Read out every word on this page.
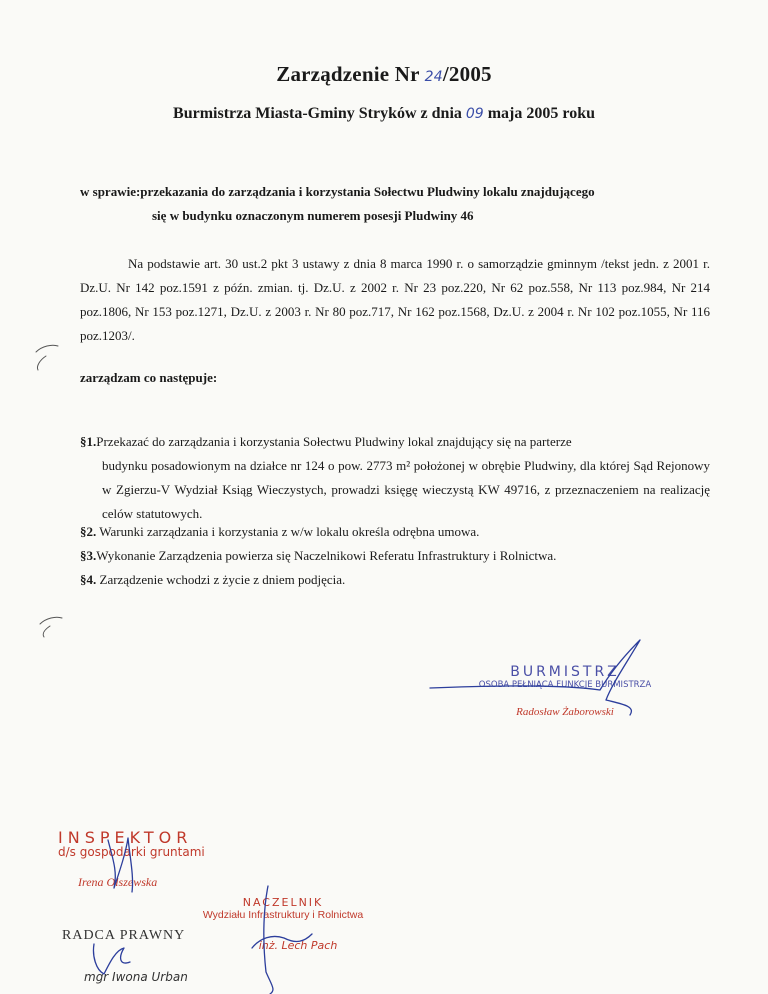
Zarządzenie Nr 24/2005
Burmistrza Miasta-Gminy Stryków z dnia 09 maja 2005 roku
w sprawie:przekazania do zarządzania i korzystania Sołectwu Pludwiny lokalu znajdującego
się w budynku oznaczonym numerem posesji Pludwiny 46
Na podstawie art. 30 ust.2 pkt 3 ustawy z dnia 8 marca 1990 r. o samorządzie gminnym /tekst jedn. z 2001 r. Dz.U. Nr 142 poz.1591 z późn. zmian. tj. Dz.U. z 2002 r. Nr 23 poz.220, Nr 62 poz.558, Nr 113 poz.984, Nr 214 poz.1806, Nr 153 poz.1271, Dz.U. z 2003 r. Nr 80 poz.717, Nr 162 poz.1568, Dz.U. z 2004 r. Nr 102 poz.1055, Nr 116 poz.1203/.
zarządzam co następuje:
§1.Przekazać do zarządzania i korzystania Sołectwu Pludwiny lokal znajdujący się na parterze
budynku posadowionym na działce nr 124 o pow. 2773 m² położonej w obrębie Pludwiny, dla której Sąd Rejonowy w Zgierzu-V Wydział Ksiąg Wieczystych, prowadzi księgę wieczystą KW 49716, z przeznaczeniem na realizację celów statutowych.
§2. Warunki zarządzania i korzystania z w/w lokalu określa odrębna umowa.
§3.Wykonanie Zarządzenia powierza się Naczelnikowi Referatu Infrastruktury i Rolnictwa.
§4. Zarządzenie wchodzi z życie z dniem podjęcia.
BURMISTRZ
OSOBA PEŁNIĄCA FUNKCJE BURMISTRZA
Radosław Żaborowski
INSPEKTOR
d/s gospodarki gruntami
Irena Olszewska
RADCA PRAWNY
mgr Iwona Urban
NACZELNIK
Wydziału Infrastruktury i Rolnictwa
inż. Lech Pach
